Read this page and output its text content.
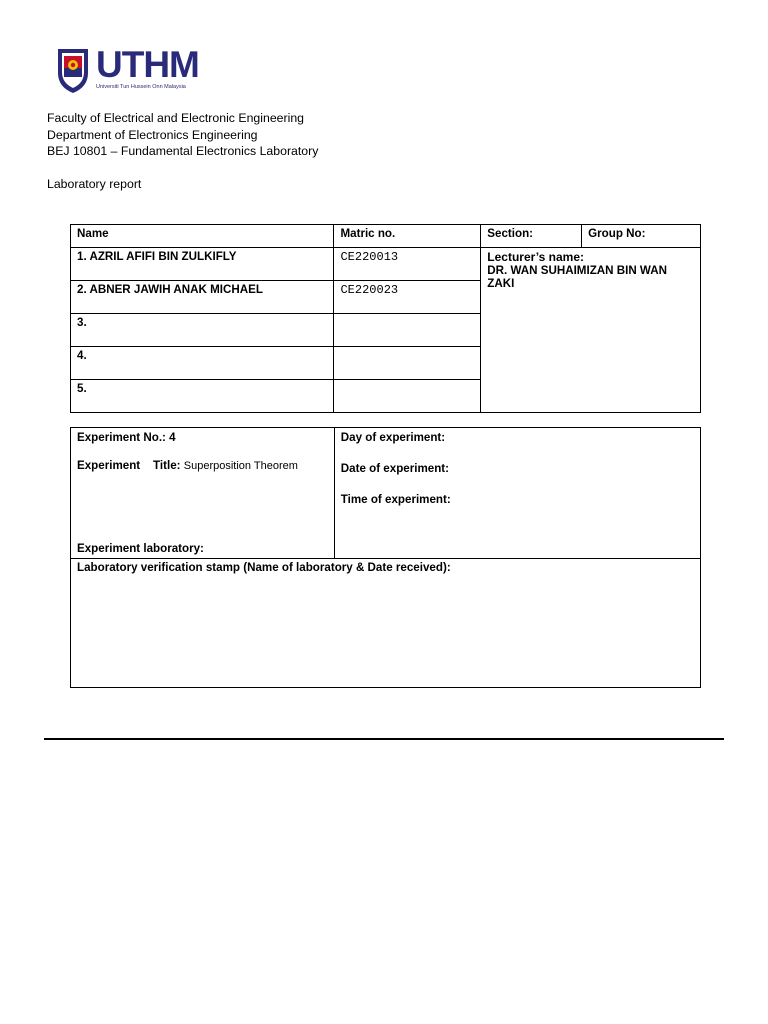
UTHM
Universiti Tun Hussein Onn Malaysia
Faculty of Electrical and Electronic Engineering
Department of Electronics Engineering
BEJ 10801 – Fundamental Electronics Laboratory
Laboratory report
Name	Matric no.	Section:	Group No:
1. AZRIL AFIFI BIN ZULKIFLY	CE220013	Lecturer’s name:
DR. WAN SUHAIMIZAN BIN WAN ZAKI	

2. ABNER JAWIH ANAK MICHAEL	CE220023		
3.			
4.			
5.			
Experiment No.: 4
Experiment    Title: Superposition Theorem
Experiment laboratory:

Day of experiment:
Date of experiment:
Time of experiment:

Laboratory verification stamp (Name of laboratory & Date received):
